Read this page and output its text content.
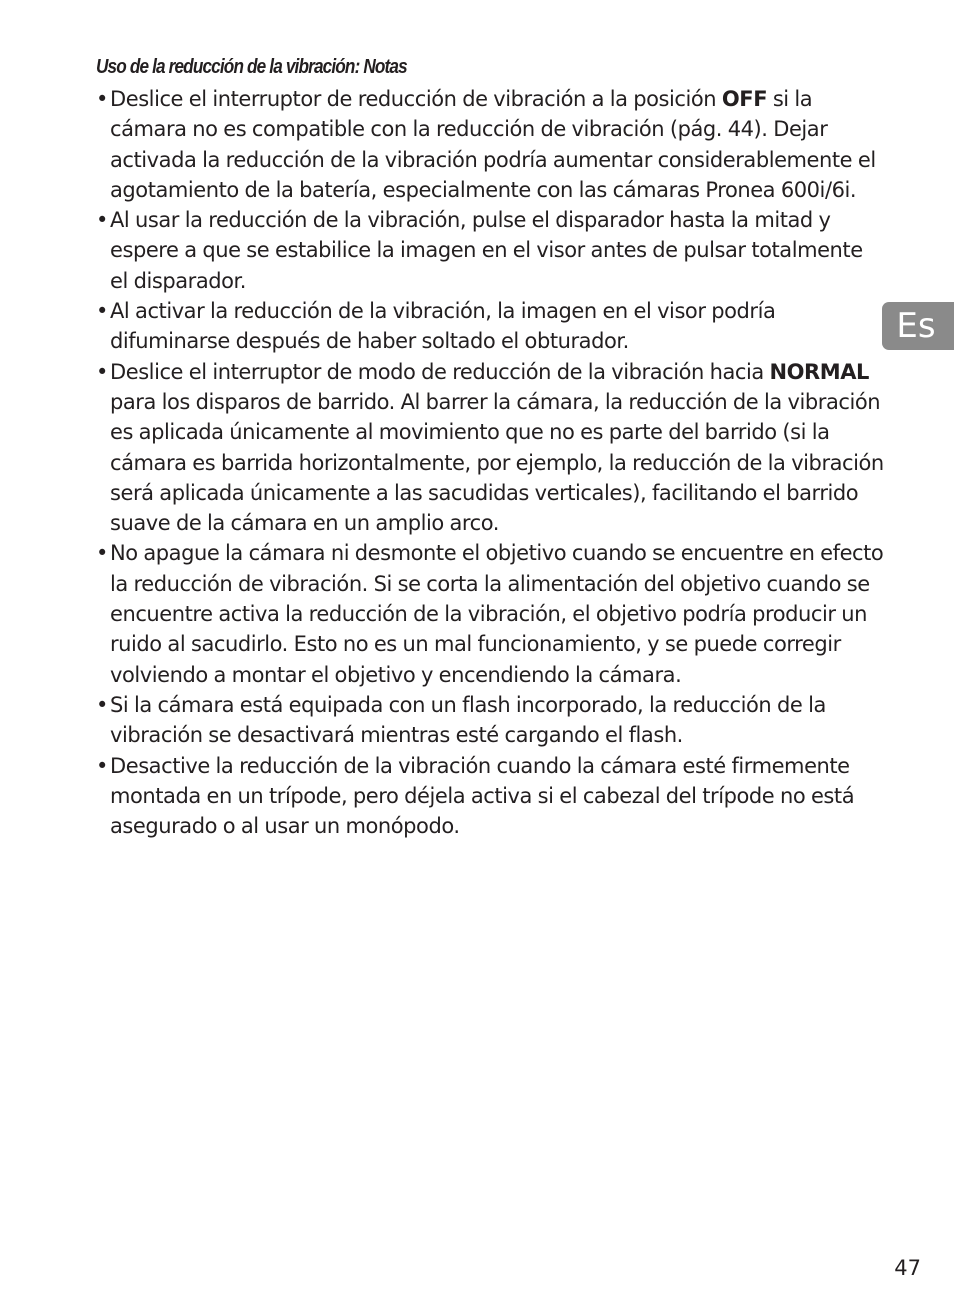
Uso de la reducción de la vibración: Notas
• Deslice el interruptor de reducción de vibración a la posición OFF si la cámara no es compatible con la reducción de vibración (pág. 44). Dejar activada la reducción de la vibración podría aumentar considerablemente el agotamiento de la batería, especialmente con las cámaras Pronea 600i/6i.
• Al usar la reducción de la vibración, pulse el disparador hasta la mitad y espere a que se estabilice la imagen en el visor antes de pulsar totalmente el disparador.
• Al activar la reducción de la vibración, la imagen en el visor podría difuminarse después de haber soltado el obturador.
• Deslice el interruptor de modo de reducción de la vibración hacia NORMAL para los disparos de barrido. Al barrer la cámara, la reducción de la vibración es aplicada únicamente al movimiento que no es parte del barrido (si la cámara es barrida horizontalmente, por ejemplo, la reducción de la vibración será aplicada únicamente a las sacudidas verticales), facilitando el barrido suave de la cámara en un amplio arco.
• No apague la cámara ni desmonte el objetivo cuando se encuentre en efecto la reducción de vibración. Si se corta la alimentación del objetivo cuando se encuentre activa la reducción de la vibración, el objetivo podría producir un ruido al sacudirlo. Esto no es un mal funcionamiento, y se puede corregir volviendo a montar el objetivo y encendiendo la cámara.
• Si la cámara está equipada con un flash incorporado, la reducción de la vibración se desactivará mientras esté cargando el flash.
• Desactive la reducción de la vibración cuando la cámara esté firmemente montada en un trípode, pero déjela activa si el cabezal del trípode no está asegurado o al usar un monópodo.
Es
47
